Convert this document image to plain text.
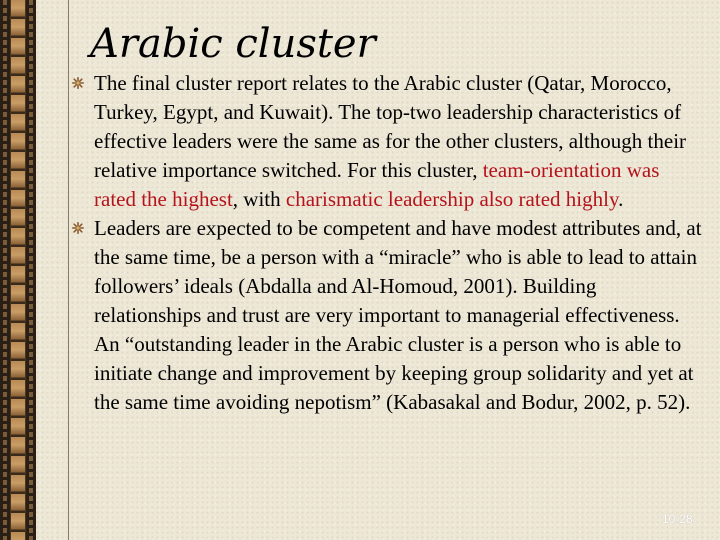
Arabic cluster
The final cluster report relates to the Arabic cluster (Qatar, Morocco, Turkey, Egypt, and Kuwait). The top-two leadership characteristics of effective leaders were the same as for the other clusters, although their relative importance switched. For this cluster, team-orientation was rated the highest, with charismatic leadership also rated highly.
Leaders are expected to be competent and have modest attributes and, at the same time, be a person with a “miracle” who is able to lead to attain followers’ ideals (Abdalla and Al-Homoud, 2001). Building relationships and trust are very important to managerial effectiveness. An “outstanding leader in the Arabic cluster is a person who is able to initiate change and improvement by keeping group solidarity and yet at the same time avoiding nepotism” (Kabasakal and Bodur, 2002, p. 52).
10-28
